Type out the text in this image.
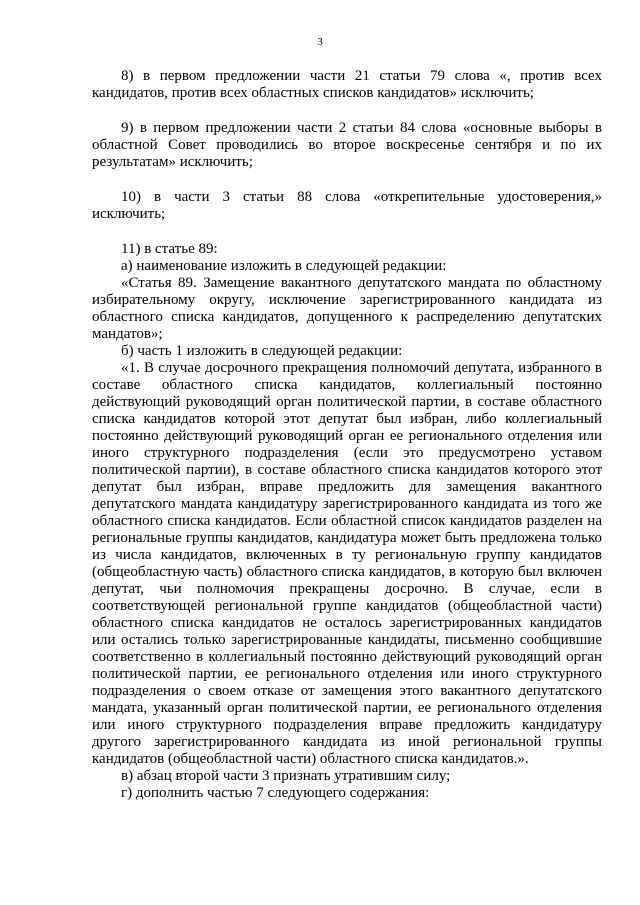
3

8) в первом предложении части 21 статьи 79 слова «, против всех кандидатов, против всех областных списков кандидатов» исключить;

9) в первом предложении части 2 статьи 84 слова «основные выборы в областной Совет проводились во второе воскресенье сентября и по их результатам» исключить;

10) в части 3 статьи 88 слова «открепительные удостоверения,» исключить;

11) в статье 89:

а) наименование изложить в следующей редакции:

«Статья 89. Замещение вакантного депутатского мандата по областному избирательному округу, исключение зарегистрированного кандидата из областного списка кандидатов, допущенного к распределению депутатских мандатов»;

б) часть 1 изложить в следующей редакции:

«1. В случае досрочного прекращения полномочий депутата, избранного в составе областного списка кандидатов, коллегиальный постоянно действующий руководящий орган политической партии, в составе областного списка кандидатов которой этот депутат был избран, либо коллегиальный постоянно действующий руководящий орган ее регионального отделения или иного структурного подразделения (если это предусмотрено уставом политической партии), в составе областного списка кандидатов которого этот депутат был избран, вправе предложить для замещения вакантного депутатского мандата кандидатуру зарегистрированного кандидата из того же областного списка кандидатов. Если областной список кандидатов разделен на региональные группы кандидатов, кандидатура может быть предложена только из числа кандидатов, включенных в ту региональную группу кандидатов (общеобластную часть) областного списка кандидатов, в которую был включен депутат, чьи полномочия прекращены досрочно. В случае, если в соответствующей региональной группе кандидатов (общеобластной части) областного списка кандидатов не осталось зарегистрированных кандидатов или остались только зарегистрированные кандидаты, письменно сообщившие соответственно в коллегиальный постоянно действующий руководящий орган политической партии, ее регионального отделения или иного структурного подразделения о своем отказе от замещения этого вакантного депутатского мандата, указанный орган политической партии, ее регионального отделения или иного структурного подразделения вправе предложить кандидатуру другого зарегистрированного кандидата из иной региональной группы кандидатов (общеобластной части) областного списка кандидатов.».

в) абзац второй части 3 признать утратившим силу;

г) дополнить частью 7 следующего содержания:
